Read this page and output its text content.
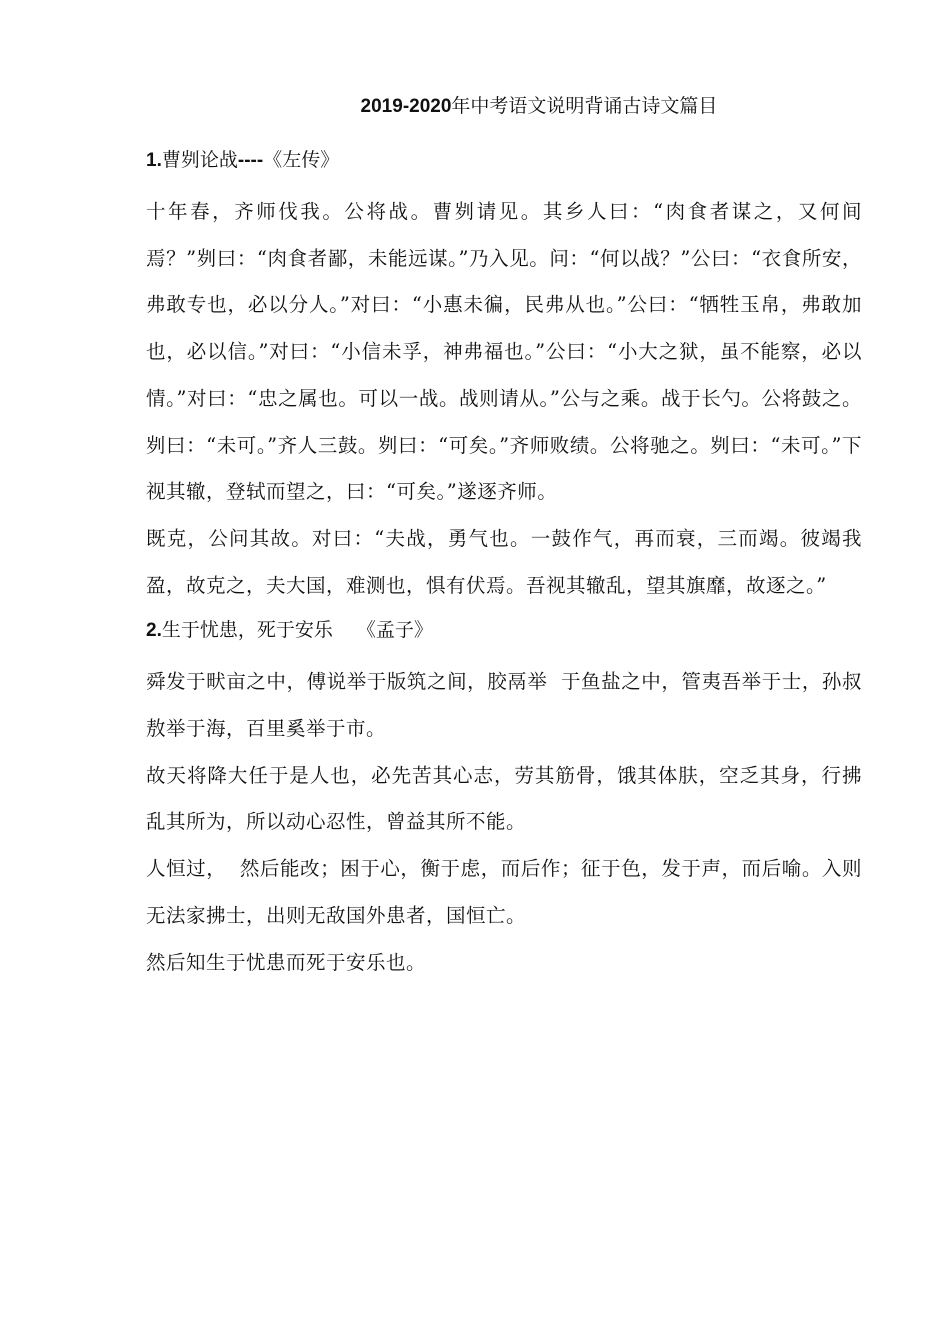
2019-2020年中考语文说明背诵古诗文篇目
1.曹刿论战----《左传》

十年春，齐师伐我。公将战。曹刿请见。其乡人曰：“肉食者谋之，又何间焉？”刿曰：“肉食者鄙，未能远谋。”乃入见。问：“何以战？”公曰：“衣食所安，弗敢专也，必以分人。”对曰：“小惠未徧，民弗从也。”公曰：“牺牲玉帛，弗敢加也，必以信。”对曰：“小信未孚，神弗福也。”公曰：“小大之狱，虽不能察，必以情。”对曰：“忠之属也。可以一战。战则请从。”公与之乘。战于长勺。公将鼓之。刿曰：“未可。”齐人三鼓。刿曰：“可矣。”齐师败绩。公将驰之。刿曰：“未可。”下视其辙，登轼而望之，曰：“可矣。”遂逐齐师。

既克，公问其故。对曰：“夫战，勇气也。一鼓作气，再而衰，三而竭。彼竭我盈，故克之，夫大国，难测也，惧有伏焉。吾视其辙乱，望其旗靡，故逐之。”

2.生于忧患，死于安乐 《孟子》

舜发于畎亩之中，傅说举于版筑之间，胶鬲举  于鱼盐之中，管夷吾举于士，孙叔敖举于海，百里奚举于市。

故天将降大任于是人也，必先苦其心志，劳其筋骨，饿其体肤，空乏其身，行拂乱其所为，所以动心忍性，曾益其所不能。

人恒过，  然后能改；困于心，衡于虑，而后作；征于色，发于声，而后喻。入则无法家拂士，出则无敌国外患者，国恒亡。

然后知生于忧患而死于安乐也。
